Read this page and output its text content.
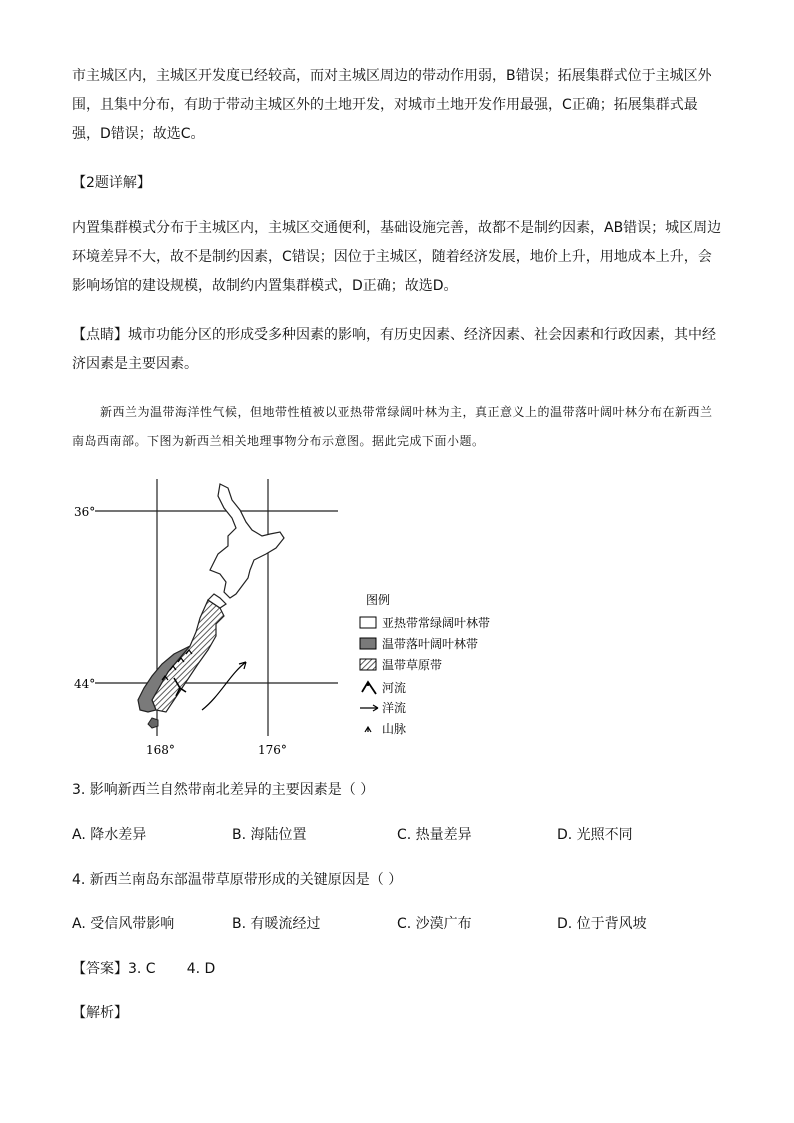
市主城区内，主城区开发度已经较高，而对主城区周边的带动作用弱，B错误；拓展集群式位于主城区外围，且集中分布，有助于带动主城区外的土地开发，对城市土地开发作用最强，C正确；拓展集群式最强，D错误；故选C。

【2题详解】

内置集群模式分布于主城区内，主城区交通便利，基础设施完善，故都不是制约因素，AB错误；城区周边环境差异不大，故不是制约因素，C错误；因位于主城区，随着经济发展，地价上升，用地成本上升，会影响场馆的建设规模，故制约内置集群模式，D正确；故选D。

【点睛】城市功能分区的形成受多种因素的影响，有历史因素、经济因素、社会因素和行政因素，其中经济因素是主要因素。

新西兰为温带海洋性气候，但地带性植被以亚热带常绿阔叶林为主，真正意义上的温带落叶阔叶林分布在新西兰南岛西南部。下图为新西兰相关地理事物分布示意图。据此完成下面小题。

36°
44°
168°	176°
图例
亚热带常绿阔叶林带
温带落叶阔叶林带
温带草原带
河流
洋流
山脉
3. 影响新西兰自然带南北差异的主要因素是（ ）
A. 降水差异	B. 海陆位置	C. 热量差异	D. 光照不同
4. 新西兰南岛东部温带草原带形成的关键原因是（ ）
A. 受信风带影响	B. 有暖流经过	C. 沙漠广布	D. 位于背风坡
【答案】3. C       4. D
【解析】
